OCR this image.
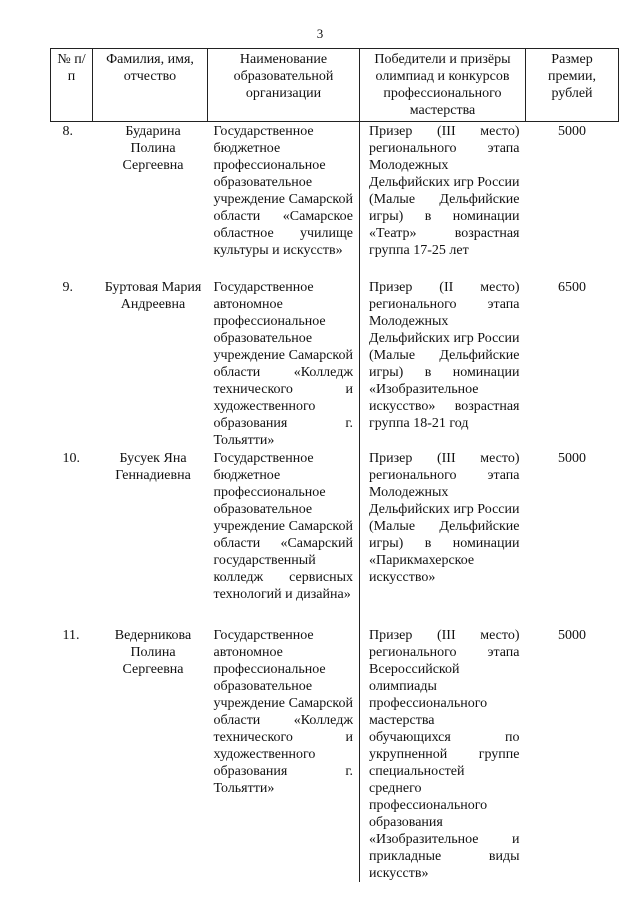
3
№ п/п	Фамилия, имя, отчество	Наименование образовательной организации	Победители и призёры олимпиад и конкурсов профессионального мастерства	Размер премии, рублей
8.	Бударина Полина Сергеевна	Государственное бюджетное профессиональное образовательное учреждение Самарской области «Самарское областное училище культуры и искусств»	Призер (III место) регионального этапа Молодежных Дельфийских игр России (Малые Дельфийские игры) в номинации «Театр» возрастная группа 17-25 лет	5000
9.	Буртовая Мария Андреевна	Государственное автономное профессиональное образовательное учреждение Самарской области «Колледж технического и художественного образования г. Тольятти»	Призер (II место) регионального этапа Молодежных Дельфийских игр России (Малые Дельфийские игры) в номинации «Изобразительное искусство» возрастная группа 18-21 год	6500
10.	Бусуек Яна Геннадиевна	Государственное бюджетное профессиональное образовательное учреждение Самарской области «Самарский государственный колледж сервисных технологий и дизайна»	Призер (III место) регионального этапа Молодежных Дельфийских игр России (Малые Дельфийские игры) в номинации «Парикмахерское искусство»	5000
11.	Ведерникова Полина Сергеевна	Государственное автономное профессиональное образовательное учреждение Самарской области «Колледж технического и художественного образования г. Тольятти»	Призер (III место) регионального этапа Всероссийской олимпиады профессионального мастерства обучающихся по укрупненной группе специальностей среднего профессионального образования «Изобразительное и прикладные виды искусств»	5000
